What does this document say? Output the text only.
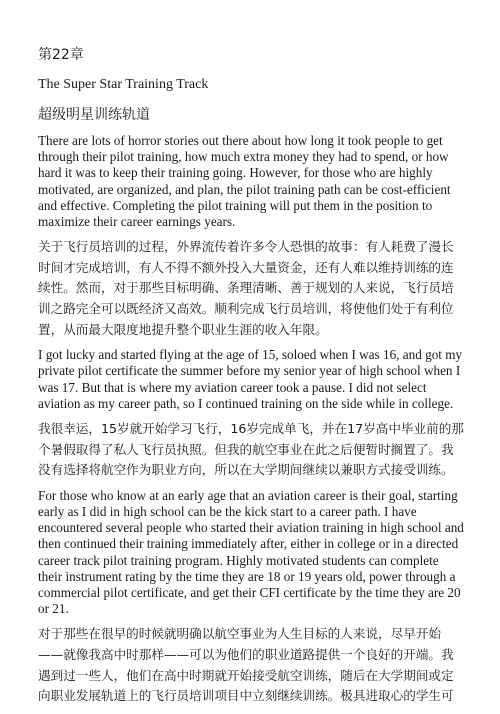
第22章
The Super Star Training Track
超级明星训练轨道

There are lots of horror stories out there about how long it took people to get through their pilot training, how much extra money they had to spend, or how hard it was to keep their training going. However, for those who are highly motivated, are organized, and plan, the pilot training path can be cost-efficient and effective. Completing the pilot training will put them in the position to maximize their career earnings years.

关于飞行员培训的过程，外界流传着许多令人恐惧的故事：有人耗费了漫长时间才完成培训，有人不得不额外投入大量资金，还有人难以维持训练的连续性。然而，对于那些目标明确、条理清晰、善于规划的人来说，飞行员培训之路完全可以既经济又高效。顺利完成飞行员培训，将使他们处于有利位置，从而最大限度地提升整个职业生涯的收入年限。

I got lucky and started flying at the age of 15, soloed when I was 16, and got my private pilot certificate the summer before my senior year of high school when I was 17. But that is where my aviation career took a pause. I did not select aviation as my career path, so I continued training on the side while in college.

我很幸运，15岁就开始学习飞行，16岁完成单飞，并在17岁高中毕业前的那个暑假取得了私人飞行员执照。但我的航空事业在此之后便暂时搁置了。我没有选择将航空作为职业方向，所以在大学期间继续以兼职方式接受训练。

For those who know at an early age that an aviation career is their goal, starting early as I did in high school can be the kick start to a career path. I have encountered several people who started their aviation training in high school and then continued their training immediately after, either in college or in a directed career track pilot training program. Highly motivated students can complete their instrument rating by the time they are 18 or 19 years old, power through a commercial pilot certificate, and get their CFI certificate by the time they are 20 or 21.

对于那些在很早的时候就明确以航空事业为人生目标的人来说，尽早开始——就像我高中时那样——可以为他们的职业道路提供一个良好的开端。我遇到过一些人，他们在高中时期就开始接受航空训练，随后在大学期间或定向职业发展轨道上的飞行员培训项目中立刻继续训练。极具进取心的学生可
